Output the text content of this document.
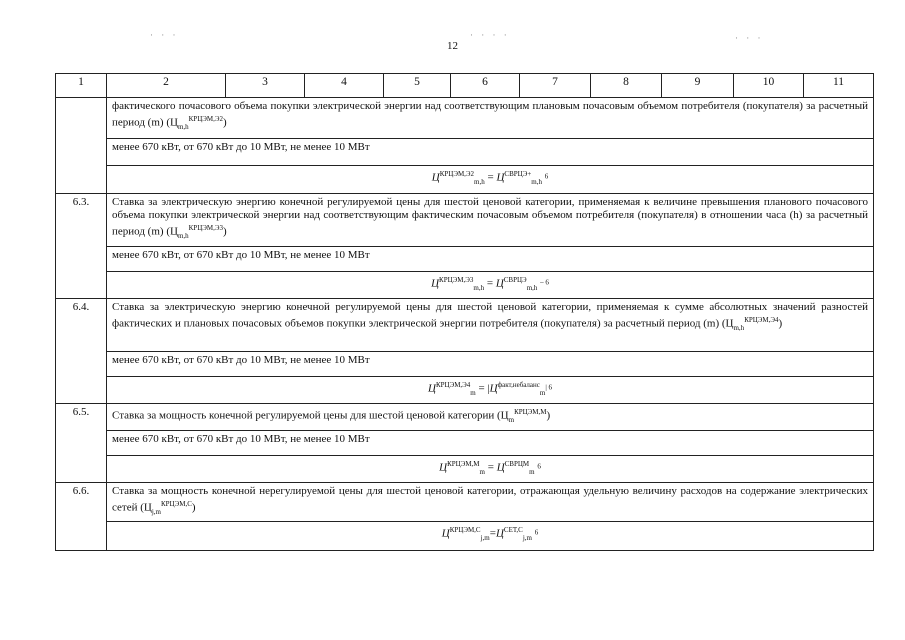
12
· · ·	· · · ·	· · ·
1	2	3	4	5	6	7	8	9	10	11
	фактического почасового объема покупки электрической энергии над соответствующим плановым почасовым объемом потребителя (покупателя) за расчетный период (m) $(Ц_{m,h}^{КРЦЭМ,Э2})$									
	менее 670 кВт, от 670 кВт до 10 МВт, не менее 10 МВт									
	$Ц^{КРЦЭМ,Э2}_{m,h} = Ц^{СВРЦЭ+}_{m,h}$ 6									
6.3.	Ставка за электрическую энергию конечной регулируемой цены для шестой ценовой категории, применяемая к величине превышения планового почасового объема покупки электрической энергии над соответствующим фактическим почасовым объемом потребителя (покупателя) в отношении часа (h) за расчетный период (m) $(Ц_{m,h}^{КРЦЭМ,Э3})$									
	менее 670 кВт, от 670 кВт до 10 МВт, не менее 10 МВт									
	$Ц^{КРЦЭМ,Э3}_{m,h} = Ц^{СВРЦЭ}_{m,h} - 6$									
6.4.	Ставка за электрическую энергию конечной регулируемой цены для шестой ценовой категории, применяемая к сумме абсолютных значений разностей фактических и плановых почасовых объемов покупки электрической энергии потребителя (покупателя) за расчетный период (m) $(Ц_{m,h}^{КРЦЭМ,Э4})$									
	менее 670 кВт, от 670 кВт до 10 МВт, не менее 10 МВт									
	$Ц^{КРЦЭМ,Э4}_m = |Ц^{факт,небаланс}_m|$ 6									
6.5.	Ставка за мощность конечной регулируемой цены для шестой ценовой категории $(Ц_m^{КРЦЭМ,М})$									
	менее 670 кВт, от 670 кВт до 10 МВт, не менее 10 МВт									
	$Ц^{КРЦЭМ,М}_m = Ц^{СВРЦМ}_m$ 6									
6.6.	Ставка за мощность конечной нерегулируемой цены для шестой ценовой категории, отражающая удельную величину расходов на содержание электрических сетей $(Ц_{j,m}^{КРЦЭМ,С})$									
	$Ц^{КРЦЭМ,С}_{j,m}=Ц^{СЕТ,С}_{j,m}$ 6									
